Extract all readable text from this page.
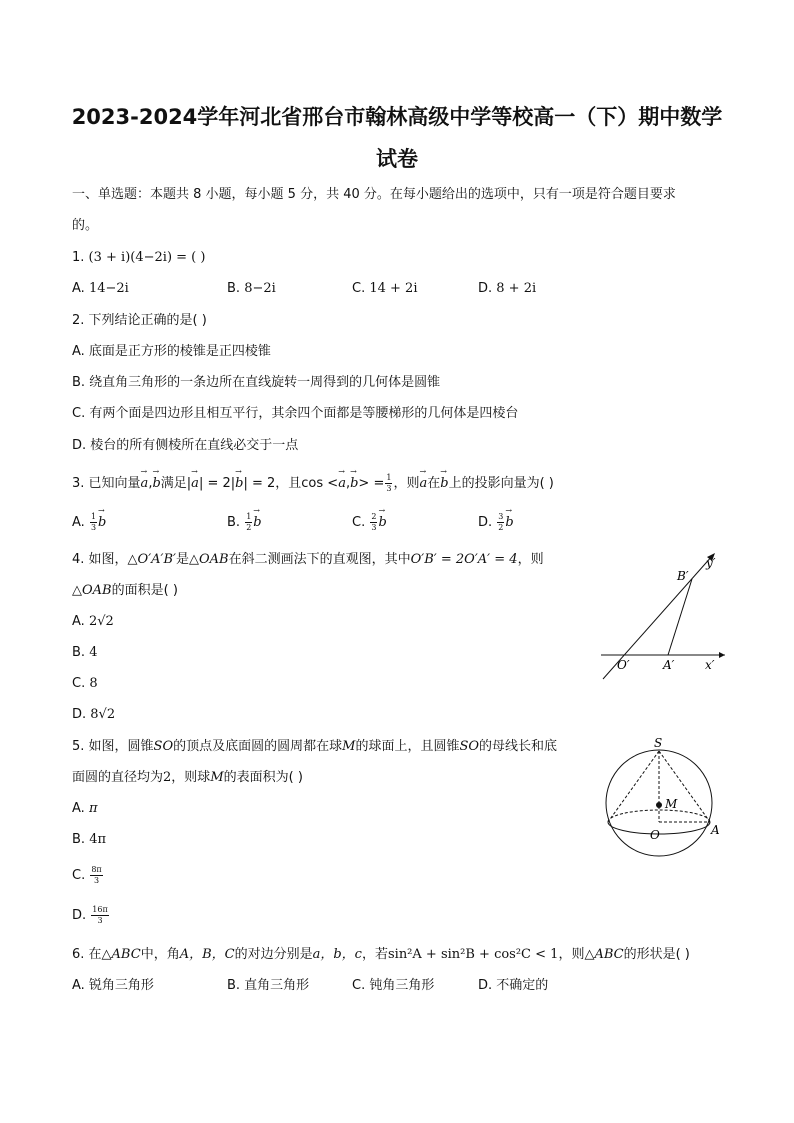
2023-2024学年河北省邢台市翰林高级中学等校高一（下）期中数学
试卷
一、单选题：本题共 8 小题，每小题 5 分，共 40 分。在每小题给出的选项中，只有一项是符合题目要求
的。
1. (3 + i)(4−2i) = ( )
A. 14−2i	B. 8−2i	C. 14 + 2i	D. 8 + 2i
2. 下列结论正确的是( )
A. 底面是正方形的棱锥是正四棱锥
B. 绕直角三角形的一条边所在直线旋转一周得到的几何体是圆锥
C. 有两个面是四边形且相互平行，其余四个面都是等腰梯形的几何体是四棱台
D. 棱台的所有侧棱所在直线必交于一点
3. 已知向量→ a,→ b满足|→ a| = 2|→ b| = 2，且$\cos <\to a,\to b> = \frac{1}{3}$ ，则→ a在→ b上的投影向量为( )
A. $\frac{1}{3}$
→ b	B. $\frac{1}{2}$
→ b	C. $\frac{2}{3}$
→ b	D. $\frac{3}{2}$
→ b
4. 如图，△O′A′B′是△OAB在斜二测画法下的直观图，其中O′B′ = 2O′A′ = 4，则
△OAB的面积是( )
A. 2√2
B. 4
C. 8
D. 8√2
B′
y′
O′	A′	x′
5. 如图，圆锥SO的顶点及底面圆的圆周都在球M的球面上，且圆锥SO的母线长和底
面圆的直径均为2，则球M的表面积为( )
A. π
B. 4π
C. $\frac{8\pi}{3}$
D. $\frac{16\pi}{3}$
S
M
O	A
6. 在△ABC中，角A，B，C的对边分别是a，b，c，若sin²A + sin²B + cos²C < 1，则△ABC的形状是( )
A. 锐角三角形	B. 直角三角形	C. 钝角三角形	D. 不确定的
